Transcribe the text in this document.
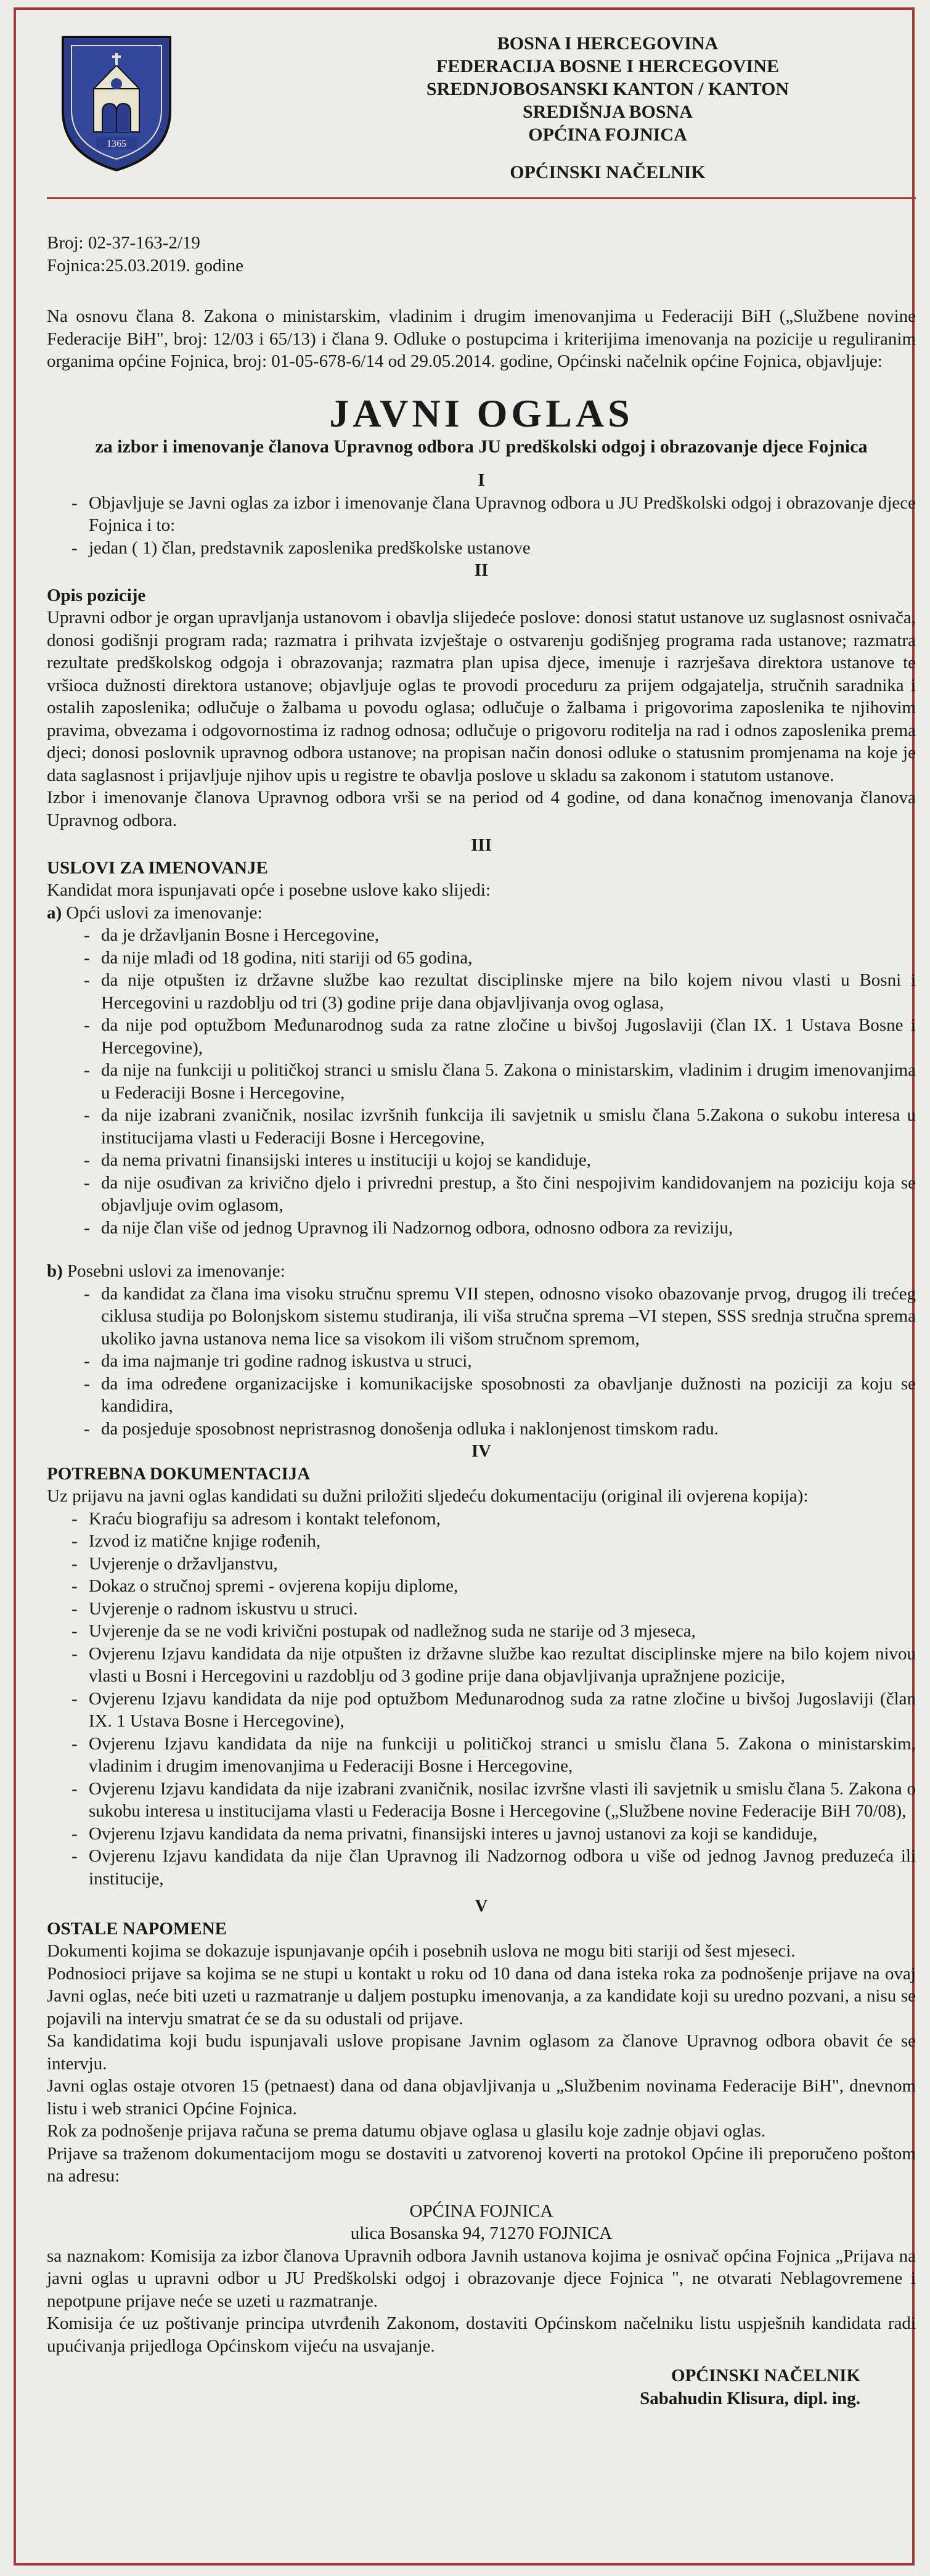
1365
BOSNA I HERCEGOVINA
FEDERACIJA BOSNE I HERCEGOVINE
SREDNJOBOSANSKI KANTON / KANTON SREDIŠNJA BOSNA
OPĆINA FOJNICA
OPĆINSKI NAČELNIK
Broj: 02-37-163-2/19
Fojnica:25.03.2019. godine

Na osnovu člana 8. Zakona o ministarskim, vladinim i drugim imenovanjima u Federaciji BiH („Službene novine Federacije BiH", broj: 12/03 i 65/13) i člana 9. Odluke o postupcima i kriterijima imenovanja na pozicije u reguliranim organima općine Fojnica, broj: 01-05-678-6/14 od 29.05.2014. godine, Općinski načelnik općine Fojnica, objavljuje:

JAVNI OGLAS
za izbor i imenovanje članova Upravnog odbora JU predškolski odgoj i obrazovanje djece Fojnica
I
- Objavljuje se Javni oglas za izbor i imenovanje člana Upravnog odbora u JU Predškolski odgoj i obrazovanje djece Fojnica i to:
- jedan ( 1) član, predstavnik zaposlenika predškolske ustanove
II
Opis pozicije

Upravni odbor je organ upravljanja ustanovom i obavlja slijedeće poslove: donosi statut ustanove uz suglasnost osnivača, donosi godišnji program rada; razmatra i prihvata izvještaje o ostvarenju godišnjeg programa rada ustanove; razmatra rezultate predškolskog odgoja i obrazovanja; razmatra plan upisa djece, imenuje i razrješava direktora ustanove te vršioca dužnosti direktora ustanove; objavljuje oglas te provodi proceduru za prijem odgajatelja, stručnih saradnika i ostalih zaposlenika; odlučuje o žalbama u povodu oglasa; odlučuje o žalbama i prigovorima zaposlenika te njihovim pravima, obvezama i odgovornostima iz radnog odnosa; odlučuje o prigovoru roditelja na rad i odnos zaposlenika prema djeci; donosi poslovnik upravnog odbora ustanove; na propisan način donosi odluke o statusnim promjenama na koje je data saglasnost i prijavljuje njihov upis u registre te obavlja poslove u skladu sa zakonom i statutom ustanove.

Izbor i imenovanje članova Upravnog odbora vrši se na period od 4 godine, od dana konačnog imenovanja članova Upravnog odbora.

III
USLOVI ZA IMENOVANJE

Kandidat mora ispunjavati opće i posebne uslove kako slijedi:

a) Opći uslovi za imenovanje:
- da je državljanin Bosne i Hercegovine,
- da nije mlađi od 18 godina, niti stariji od 65 godina,
- da nije otpušten iz državne službe kao rezultat disciplinske mjere na bilo kojem nivou vlasti u Bosni i Hercegovini u razdoblju od tri (3) godine prije dana objavljivanja ovog oglasa,
- da nije pod optužbom Međunarodnog suda za ratne zločine u bivšoj Jugoslaviji (član IX. 1 Ustava Bosne i Hercegovine),
- da nije na funkciji u političkoj stranci u smislu člana 5. Zakona o ministarskim, vladinim i drugim imenovanjima u Federaciji Bosne i Hercegovine,
- da nije izabrani zvaničnik, nosilac izvršnih funkcija ili savjetnik u smislu člana 5.Zakona o sukobu interesa u institucijama vlasti u Federaciji Bosne i Hercegovine,
- da nema privatni finansijski interes u instituciji u kojoj se kandiduje,
- da nije osuđivan za krivično djelo i privredni prestup, a što čini nespojivim kandidovanjem na poziciju koja se objavljuje ovim oglasom,
- da nije član više od jednog Upravnog ili Nadzornog odbora, odnosno odbora za reviziju,
b) Posebni uslovi za imenovanje:
- da kandidat za člana ima visoku stručnu spremu VII stepen, odnosno visoko obazovanje prvog, drugog ili trećeg ciklusa studija po Bolonjskom sistemu studiranja, ili viša stručna sprema –VI stepen, SSS srednja stručna sprema ukoliko javna ustanova nema lice sa visokom ili višom stručnom spremom,
- da ima najmanje tri godine radnog iskustva u struci,
- da ima određene organizacijske i komunikacijske sposobnosti za obavljanje dužnosti na poziciji za koju se kandidira,
- da posjeduje sposobnost nepristrasnog donošenja odluka i naklonjenost timskom radu.
IV
POTREBNA DOKUMENTACIJA

Uz prijavu na javni oglas kandidati su dužni priložiti sljedeću dokumentaciju (original ili ovjerena kopija):

- Kraću biografiju sa adresom i kontakt telefonom,
- Izvod iz matične knjige rođenih,
- Uvjerenje o državljanstvu,
- Dokaz o stručnoj spremi - ovjerena kopiju diplome,
- Uvjerenje o radnom iskustvu u struci.
- Uvjerenje da se ne vodi krivični postupak od nadležnog suda ne starije od 3 mjeseca,
- Ovjerenu Izjavu kandidata da nije otpušten iz državne službe kao rezultat disciplinske mjere na bilo kojem nivou vlasti u Bosni i Hercegovini u razdoblju od 3 godine prije dana objavljivanja upražnjene pozicije,
- Ovjerenu Izjavu kandidata da nije pod optužbom Međunarodnog suda za ratne zločine u bivšoj Jugoslaviji (član IX. 1 Ustava Bosne i Hercegovine),
- Ovjerenu Izjavu kandidata da nije na funkciji u političkoj stranci u smislu člana 5. Zakona o ministarskim, vladinim i drugim imenovanjima u Federaciji Bosne i Hercegovine,
- Ovjerenu Izjavu kandidata da nije izabrani zvaničnik, nosilac izvršne vlasti ili savjetnik u smislu člana 5. Zakona o sukobu interesa u institucijama vlasti u Federacija Bosne i Hercegovine („Službene novine Federacije BiH 70/08),
- Ovjerenu Izjavu kandidata da nema privatni, finansijski interes u javnoj ustanovi za koji se kandiduje,
- Ovjerenu Izjavu kandidata da nije član Upravnog ili Nadzornog odbora u više od jednog Javnog preduzeća ili institucije,
V
OSTALE NAPOMENE

Dokumenti kojima se dokazuje ispunjavanje općih i posebnih uslova ne mogu biti stariji od šest mjeseci.

Podnosioci prijave sa kojima se ne stupi u kontakt u roku od 10 dana od dana isteka roka za podnošenje prijave na ovaj Javni oglas, neće biti uzeti u razmatranje u daljem postupku imenovanja, a za kandidate koji su uredno pozvani, a nisu se pojavili na intervju smatrat će se da su odustali od prijave.

Sa kandidatima koji budu ispunjavali uslove propisane Javnim oglasom za članove Upravnog odbora obavit će se intervju.

Javni oglas ostaje otvoren 15 (petnaest) dana od dana objavljivanja u „Službenim novinama Federacije BiH", dnevnom listu i web stranici Općine Fojnica.

Rok za podnošenje prijava računa se prema datumu objave oglasa u glasilu koje zadnje objavi oglas.

Prijave sa traženom dokumentacijom mogu se dostaviti u zatvorenoj koverti na protokol Općine ili preporučeno poštom na adresu:

OPĆINA FOJNICA
ulica Bosanska 94, 71270 FOJNICA

sa naznakom: Komisija za izbor članova Upravnih odbora Javnih ustanova kojima je osnivač općina Fojnica „Prijava na javni oglas u upravni odbor u JU Predškolski odgoj i obrazovanje djece Fojnica ", ne otvarati Neblagovremene i nepotpune prijave neće se uzeti u razmatranje.

Komisija će uz poštivanje principa utvrđenih Zakonom, dostaviti Općinskom načelniku listu uspješnih kandidata radi upućivanja prijedloga Općinskom vijeću na usvajanje.

OPĆINSKI NAČELNIK
Sabahudin Klisura, dipl. ing.
